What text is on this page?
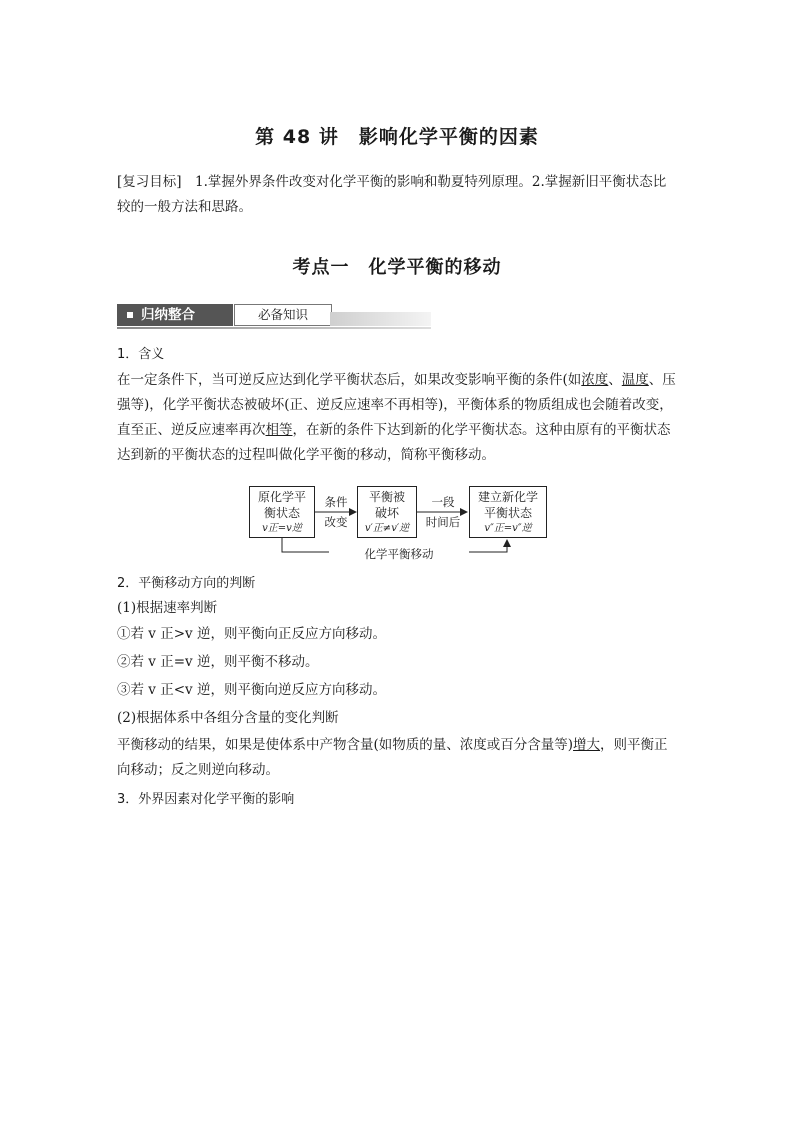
第 48 讲　影响化学平衡的因素
[复习目标]　1.掌握外界条件改变对化学平衡的影响和勒夏特列原理。2.掌握新旧平衡状态比较的一般方法和思路。
考点一　化学平衡的移动
归纳整合	必备知识
1．含义
在一定条件下，当可逆反应达到化学平衡状态后，如果改变影响平衡的条件(如浓度、温度、压强等)，化学平衡状态被破坏(正、逆反应速率不再相等)，平衡体系的物质组成也会随着改变，直至正、逆反应速率再次相等，在新的条件下达到新的化学平衡状态。这种由原有的平衡状态达到新的平衡状态的过程叫做化学平衡的移动，简称平衡移动。
原化学平
衡状态
v正=v逆
条件
改变
平衡被
破坏
v′正≠v′逆
一段
时间后
建立新化学
平衡状态
v″正=v″逆
化学平衡移动
2．平衡移动方向的判断
(1)根据速率判断
①若 v 正>v 逆，则平衡向正反应方向移动。
②若 v 正=v 逆，则平衡不移动。
③若 v 正<v 逆，则平衡向逆反应方向移动。
(2)根据体系中各组分含量的变化判断
平衡移动的结果，如果是使体系中产物含量(如物质的量、浓度或百分含量等)增大，则平衡正向移动；反之则逆向移动。
3．外界因素对化学平衡的影响
